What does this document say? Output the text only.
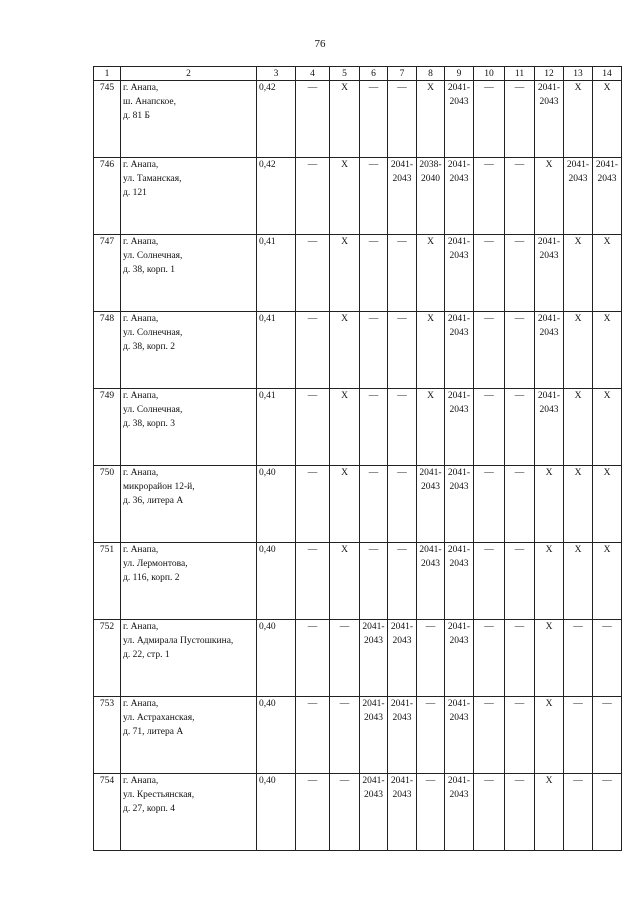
76
1	2	3	4	5	6	7	8	9	10	11	12	13	14
745	г. Анапа,
ш. Анапское,
д. 81 Б	0,42	—	Х	—	—	Х	2041-
2043	—	—	2041-
2043	Х	Х
746	г. Анапа,
ул. Таманская,
д. 121	0,42	—	Х	—	2041-
2043	2038-
2040	2041-
2043	—	—	Х	2041-
2043	2041-
2043

747	г. Анапа,
ул. Солнечная,
д. 38, корп. 1	0,41	—	Х	—	—	Х	2041-
2043	—	—	2041-
2043	Х	Х
748	г. Анапа,
ул. Солнечная,
д. 38, корп. 2	0,41	—	Х	—	—	Х	2041-
2043	—	—	2041-
2043	Х	Х
749	г. Анапа,
ул. Солнечная,
д. 38, корп. 3	0,41	—	Х	—	—	Х	2041-
2043	—	—	2041-
2043	Х	Х
750	г. Анапа,
микрорайон 12-й,
д. 36, литера А	0,40	—	Х	—	—	2041-
2043	2041-
2043	—	—	Х	Х	Х
751	г. Анапа,
ул. Лермонтова,
д. 116, корп. 2	0,40	—	Х	—	—	2041-
2043	2041-
2043	—	—	Х	Х	Х
752	г. Анапа,
ул. Адмирала Пустошкина,
д. 22, стр. 1	0,40	—	—	2041-
2043	2041-
2043	—	2041-
2043	—	—	Х	—	—
753	г. Анапа,
ул. Астраханская,
д. 71, литера А	0,40	—	—	2041-
2043	2041-
2043	—	2041-
2043	—	—	Х	—	—
754	г. Анапа,
ул. Крестьянская,
д. 27, корп. 4	0,40	—	—	2041-
2043	2041-
2043	—	2041-
2043	—	—	Х	—	—
